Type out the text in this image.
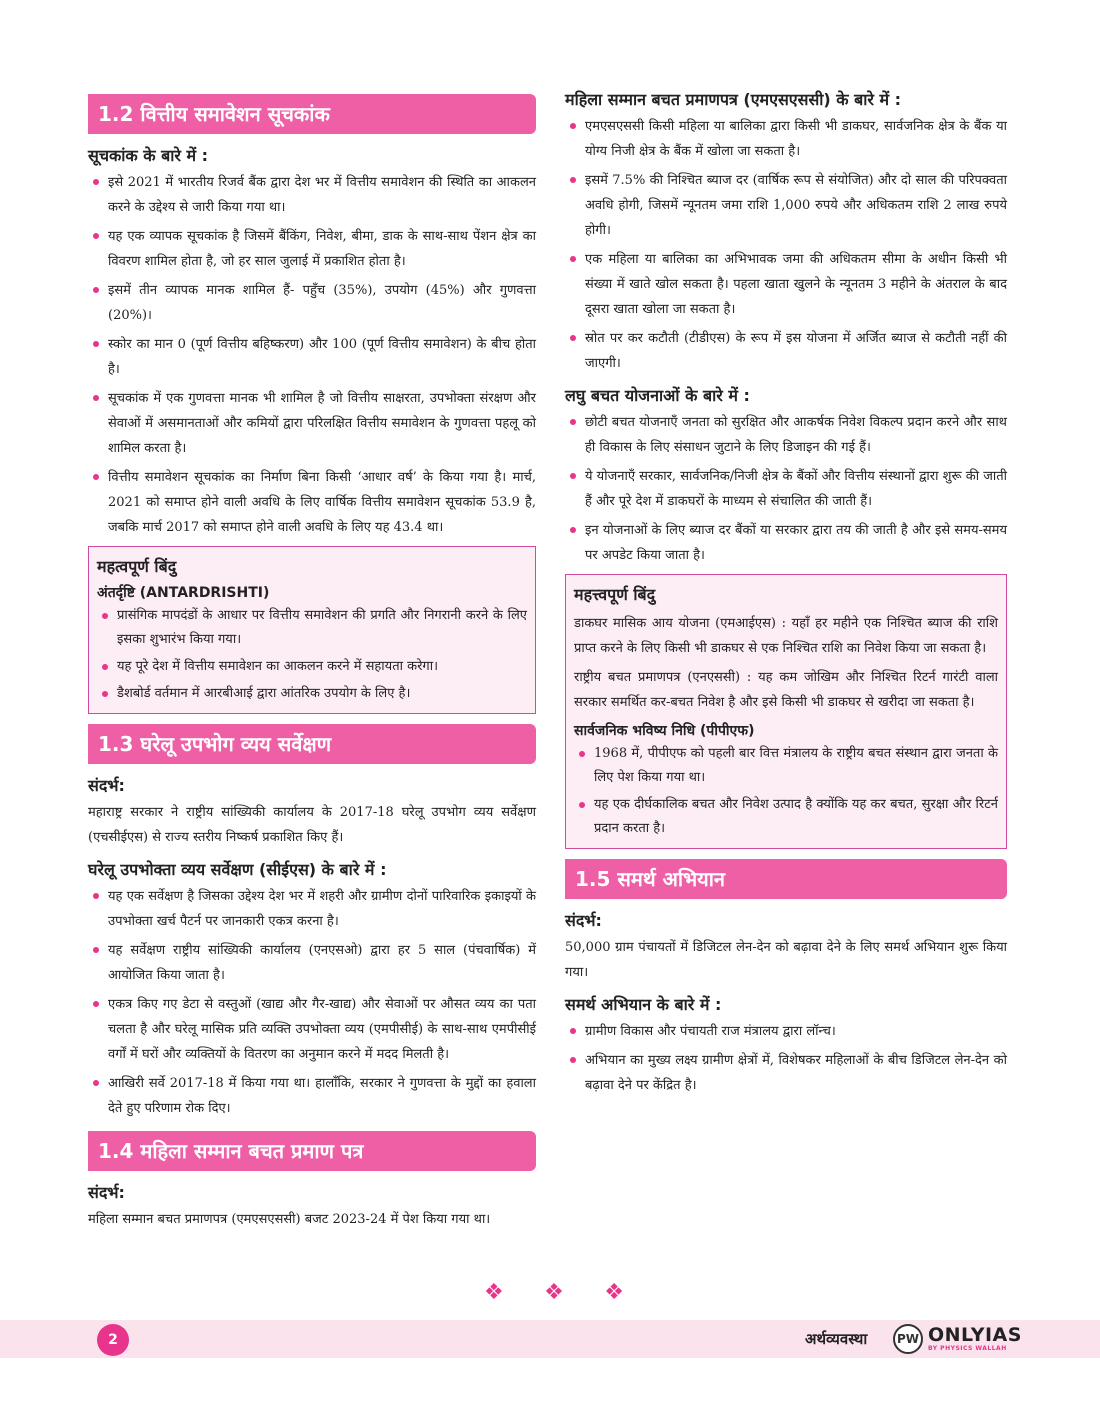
1.2 वित्तीय समावेशन सूचकांक
सूचकांक के बारे में :
इसे 2021 में भारतीय रिजर्व बैंक द्वारा देश भर में वित्तीय समावेशन की स्थिति का आकलन करने के उद्देश्य से जारी किया गया था।
यह एक व्यापक सूचकांक है जिसमें बैंकिंग, निवेश, बीमा, डाक के साथ-साथ पेंशन क्षेत्र का विवरण शामिल होता है, जो हर साल जुलाई में प्रकाशित होता है।
इसमें तीन व्यापक मानक शामिल हैं- पहुँच (35%), उपयोग (45%) और गुणवत्ता (20%)।
स्कोर का मान 0 (पूर्ण वित्तीय बहिष्करण) और 100 (पूर्ण वित्तीय समावेशन) के बीच होता है।
सूचकांक में एक गुणवत्ता मानक भी शामिल है जो वित्तीय साक्षरता, उपभोक्ता संरक्षण और सेवाओं में असमानताओं और कमियों द्वारा परिलक्षित वित्तीय समावेशन के गुणवत्ता पहलू को शामिल करता है।
वित्तीय समावेशन सूचकांक का निर्माण बिना किसी ‘आधार वर्ष’ के किया गया है। मार्च, 2021 को समाप्त होने वाली अवधि के लिए वार्षिक वित्तीय समावेशन सूचकांक 53.9 है, जबकि मार्च 2017 को समाप्त होने वाली अवधि के लिए यह 43.4 था।
महत्वपूर्ण बिंदु
अंतर्दृष्टि (ANTARDRISHTI)
प्रासंगिक मापदंडों के आधार पर वित्तीय समावेशन की प्रगति और निगरानी करने के लिए इसका शुभारंभ किया गया।
यह पूरे देश में वित्तीय समावेशन का आकलन करने में सहायता करेगा।
डैशबोर्ड वर्तमान में आरबीआई द्वारा आंतरिक उपयोग के लिए है।
1.3 घरेलू उपभोग व्यय सर्वेक्षण
संदर्भ:

महाराष्ट्र सरकार ने राष्ट्रीय सांख्यिकी कार्यालय के 2017-18 घरेलू उपभोग व्यय सर्वेक्षण (एचसीईएस) से राज्य स्तरीय निष्कर्ष प्रकाशित किए हैं।

घरेलू उपभोक्ता व्यय सर्वेक्षण (सीईएस) के बारे में :
यह एक सर्वेक्षण है जिसका उद्देश्य देश भर में शहरी और ग्रामीण दोनों पारिवारिक इकाइयों के उपभोक्ता खर्च पैटर्न पर जानकारी एकत्र करना है।
यह सर्वेक्षण राष्ट्रीय सांख्यिकी कार्यालय (एनएसओ) द्वारा हर 5 साल (पंचवार्षिक) में आयोजित किया जाता है।
एकत्र किए गए डेटा से वस्तुओं (खाद्य और गैर-खाद्य) और सेवाओं पर औसत व्यय का पता चलता है और घरेलू मासिक प्रति व्यक्ति उपभोक्ता व्यय (एमपीसीई) के साथ-साथ एमपीसीई वर्गों में घरों और व्यक्तियों के वितरण का अनुमान करने में मदद मिलती है।
आखिरी सर्वे 2017-18 में किया गया था। हालाँकि, सरकार ने गुणवत्ता के मुद्दों का हवाला देते हुए परिणाम रोक दिए।
1.4 महिला सम्मान बचत प्रमाण पत्र
संदर्भ:

महिला सम्मान बचत प्रमाणपत्र (एमएसएससी) बजट 2023-24 में पेश किया गया था।

महिला सम्मान बचत प्रमाणपत्र (एमएसएससी) के बारे में :
एमएसएससी किसी महिला या बालिका द्वारा किसी भी डाकघर, सार्वजनिक क्षेत्र के बैंक या योग्य निजी क्षेत्र के बैंक में खोला जा सकता है।
इसमें 7.5% की निश्चित ब्याज दर (वार्षिक रूप से संयोजित) और दो साल की परिपक्वता अवधि होगी, जिसमें न्यूनतम जमा राशि 1,000 रुपये और अधिकतम राशि 2 लाख रुपये होगी।
एक महिला या बालिका का अभिभावक जमा की अधिकतम सीमा के अधीन किसी भी संख्या में खाते खोल सकता है। पहला खाता खुलने के न्यूनतम 3 महीने के अंतराल के बाद दूसरा खाता खोला जा सकता है।
स्रोत पर कर कटौती (टीडीएस) के रूप में इस योजना में अर्जित ब्याज से कटौती नहीं की जाएगी।
लघु बचत योजनाओं के बारे में :
छोटी बचत योजनाएँ जनता को सुरक्षित और आकर्षक निवेश विकल्प प्रदान करने और साथ ही विकास के लिए संसाधन जुटाने के लिए डिजाइन की गई हैं।
ये योजनाएँ सरकार, सार्वजनिक/निजी क्षेत्र के बैंकों और वित्तीय संस्थानों द्वारा शुरू की जाती हैं और पूरे देश में डाकघरों के माध्यम से संचालित की जाती हैं।
इन योजनाओं के लिए ब्याज दर बैंकों या सरकार द्वारा तय की जाती है और इसे समय-समय पर अपडेट किया जाता है।
महत्त्वपूर्ण बिंदु

डाकघर मासिक आय योजना (एमआईएस) : यहाँ हर महीने एक निश्चित ब्याज की राशि प्राप्त करने के लिए किसी भी डाकघर से एक निश्चित राशि का निवेश किया जा सकता है।

राष्ट्रीय बचत प्रमाणपत्र (एनएससी) : यह कम जोखिम और निश्चित रिटर्न गारंटी वाला सरकार समर्थित कर-बचत निवेश है और इसे किसी भी डाकघर से खरीदा जा सकता है।

सार्वजनिक भविष्य निधि (पीपीएफ)
1968 में, पीपीएफ को पहली बार वित्त मंत्रालय के राष्ट्रीय बचत संस्थान द्वारा जनता के लिए पेश किया गया था।
यह एक दीर्घकालिक बचत और निवेश उत्पाद है क्योंकि यह कर बचत, सुरक्षा और रिटर्न प्रदान करता है।
1.5 समर्थ अभियान
संदर्भ:

50,000 ग्राम पंचायतों में डिजिटल लेन-देन को बढ़ावा देने के लिए समर्थ अभियान शुरू किया गया।

समर्थ अभियान के बारे में :
ग्रामीण विकास और पंचायती राज मंत्रालय द्वारा लॉन्च।
अभियान का मुख्य लक्ष्य ग्रामीण क्षेत्रों में, विशेषकर महिलाओं के बीच डिजिटल लेन-देन को बढ़ावा देने पर केंद्रित है।
❖ ❖ ❖
2	अर्थव्यवस्था	PW ONLYIAS
BY PHYSICS WALLAH
